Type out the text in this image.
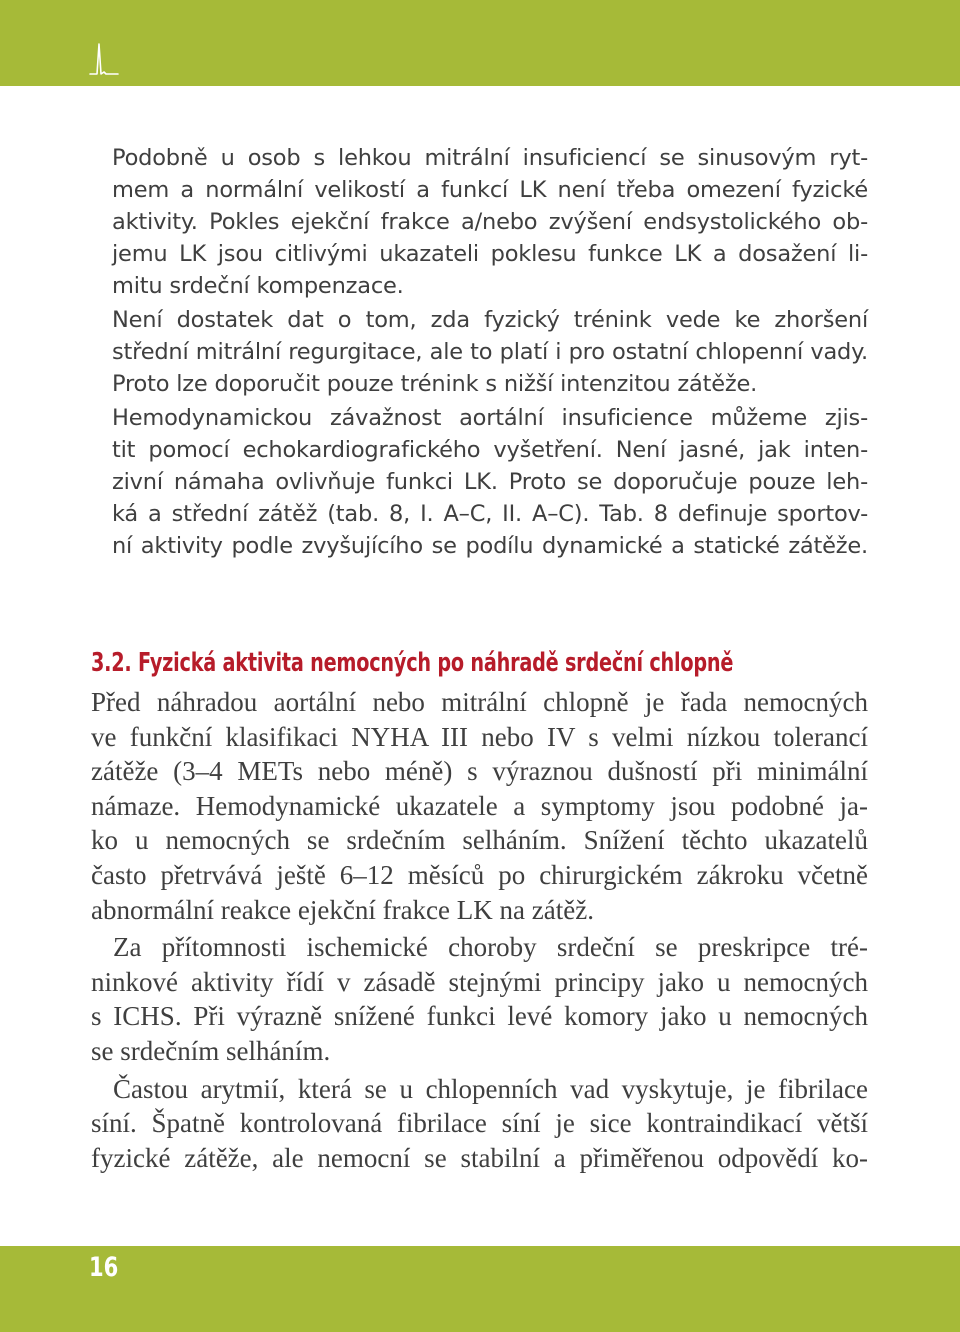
Podobně u osob s lehkou mitrální insuficiencí se sinusovým ryt-
mem a normální velikostí a funkcí LK není třeba omezení fyzické
aktivity. Pokles ejekční frakce a/nebo zvýšení endsystolického ob-
jemu LK jsou citlivými ukazateli poklesu funkce LK a dosažení li-
mitu srdeční kompenzace.

Není dostatek dat o tom, zda fyzický trénink vede ke zhoršení
střední mitrální regurgitace, ale to platí i pro ostatní chlopenní vady.
Proto lze doporučit pouze trénink s nižší intenzitou zátěže.

Hemodynamickou závažnost aortální insuficience můžeme zjis-
tit pomocí echokardiografického vyšetření. Není jasné, jak inten-
zivní námaha ovlivňuje funkci LK. Proto se doporučuje pouze leh-
ká a střední zátěž (tab. 8, I. A–C, II. A–C). Tab. 8 definuje sportov-
ní aktivity podle zvyšujícího se podílu dynamické a statické zátěže.

3.2. Fyzická aktivita nemocných po náhradě srdeční chlopně

Před náhradou aortální nebo mitrální chlopně je řada nemocných
ve funkční klasifikaci NYHA III nebo IV s velmi nízkou tolerancí
zátěže (3–4 METs nebo méně) s výraznou dušností při minimální
námaze. Hemodynamické ukazatele a symptomy jsou podobné ja-
ko u nemocných se srdečním selháním. Snížení těchto ukazatelů
často přetrvává ještě 6–12 měsíců po chirurgickém zákroku včetně
abnormální reakce ejekční frakce LK na zátěž.

Za přítomnosti ischemické choroby srdeční se preskripce tré-
ninkové aktivity řídí v zásadě stejnými principy jako u nemocných
s ICHS. Při výrazně snížené funkci levé komory jako u nemocných
se srdečním selháním.

Častou arytmií, která se u chlopenních vad vyskytuje, je fibrilace
síní. Špatně kontrolovaná fibrilace síní je sice kontraindikací větší
fyzické zátěže, ale nemocní se stabilní a přiměřenou odpovědí ko-

16
